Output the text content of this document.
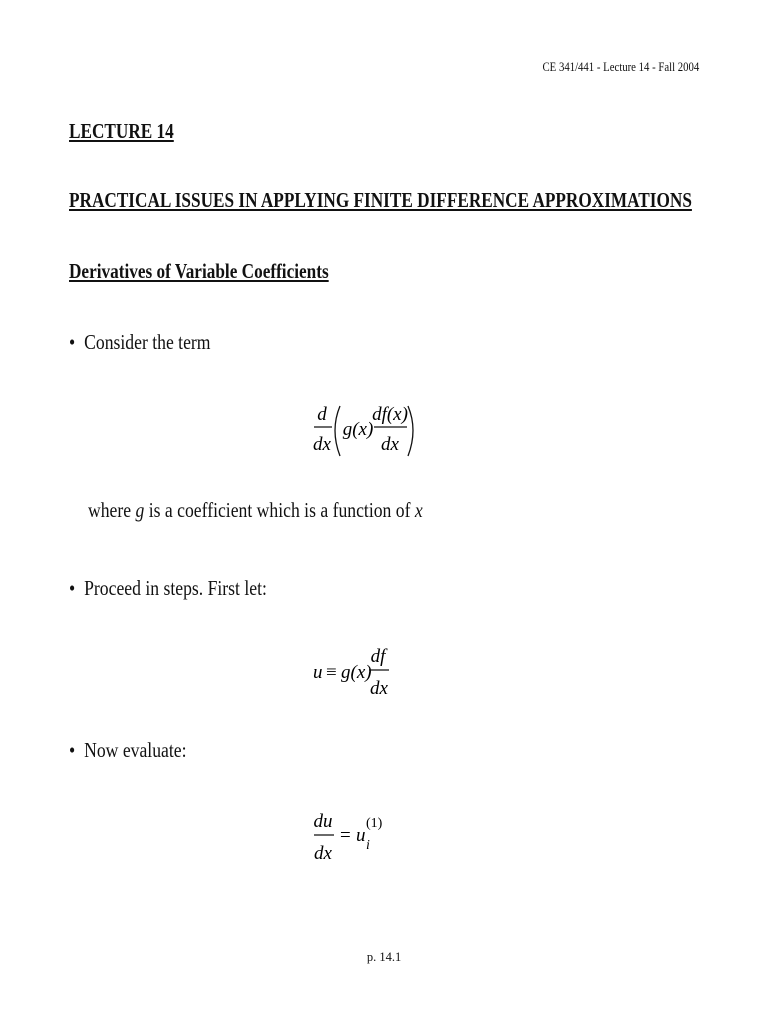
CE 341/441 - Lecture 14 - Fall 2004
LECTURE 14
PRACTICAL ISSUES IN APPLYING FINITE DIFFERENCE APPROXIMATIONS
Derivatives of Variable Coefficients
• Consider the term
d
dx
g(x)
df(x)
dx
where g is a coefficient which is a function of x
• Proceed in steps. First let:
u ≡ g(x)
df
dx
• Now evaluate:
du
dx
= u i
(1)
p. 14.1
